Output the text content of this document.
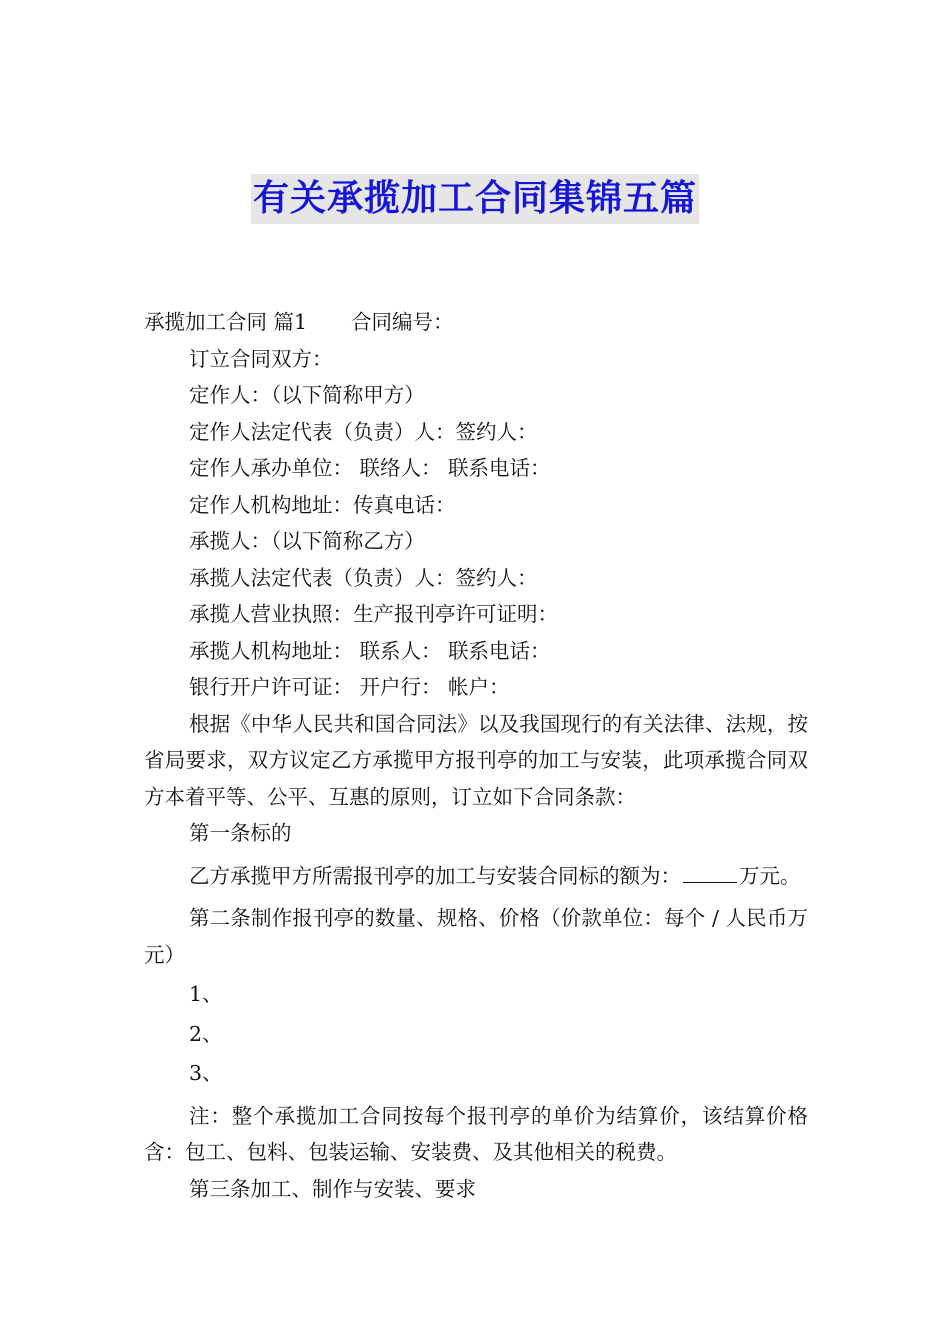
有关承揽加工合同集锦五篇

承揽加工合同 篇1 合同编号：

订立合同双方：

定作人：（以下简称甲方）

定作人法定代表（负责）人：签约人：

定作人承办单位： 联络人： 联系电话：

定作人机构地址：传真电话：

承揽人：（以下简称乙方）

承揽人法定代表（负责）人：签约人：

承揽人营业执照：生产报刊亭许可证明：

承揽人机构地址： 联系人： 联系电话：

银行开户许可证： 开户行： 帐户：

根据《中华人民共和国合同法》以及我国现行的有关法律、法规，按省局要求，双方议定乙方承揽甲方报刊亭的加工与安装，此项承揽合同双方本着平等、公平、互惠的原则，订立如下合同条款：

第一条标的

乙方承揽甲方所需报刊亭的加工与安装合同标的额为：	万元。

第二条制作报刊亭的数量、规格、价格（价款单位：每个 / 人民币万元）

1、

2、

3、

注：整个承揽加工合同按每个报刊亭的单价为结算价，该结算价格含：包工、包料、包装运输、安装费、及其他相关的税费。

第三条加工、制作与安装、要求
